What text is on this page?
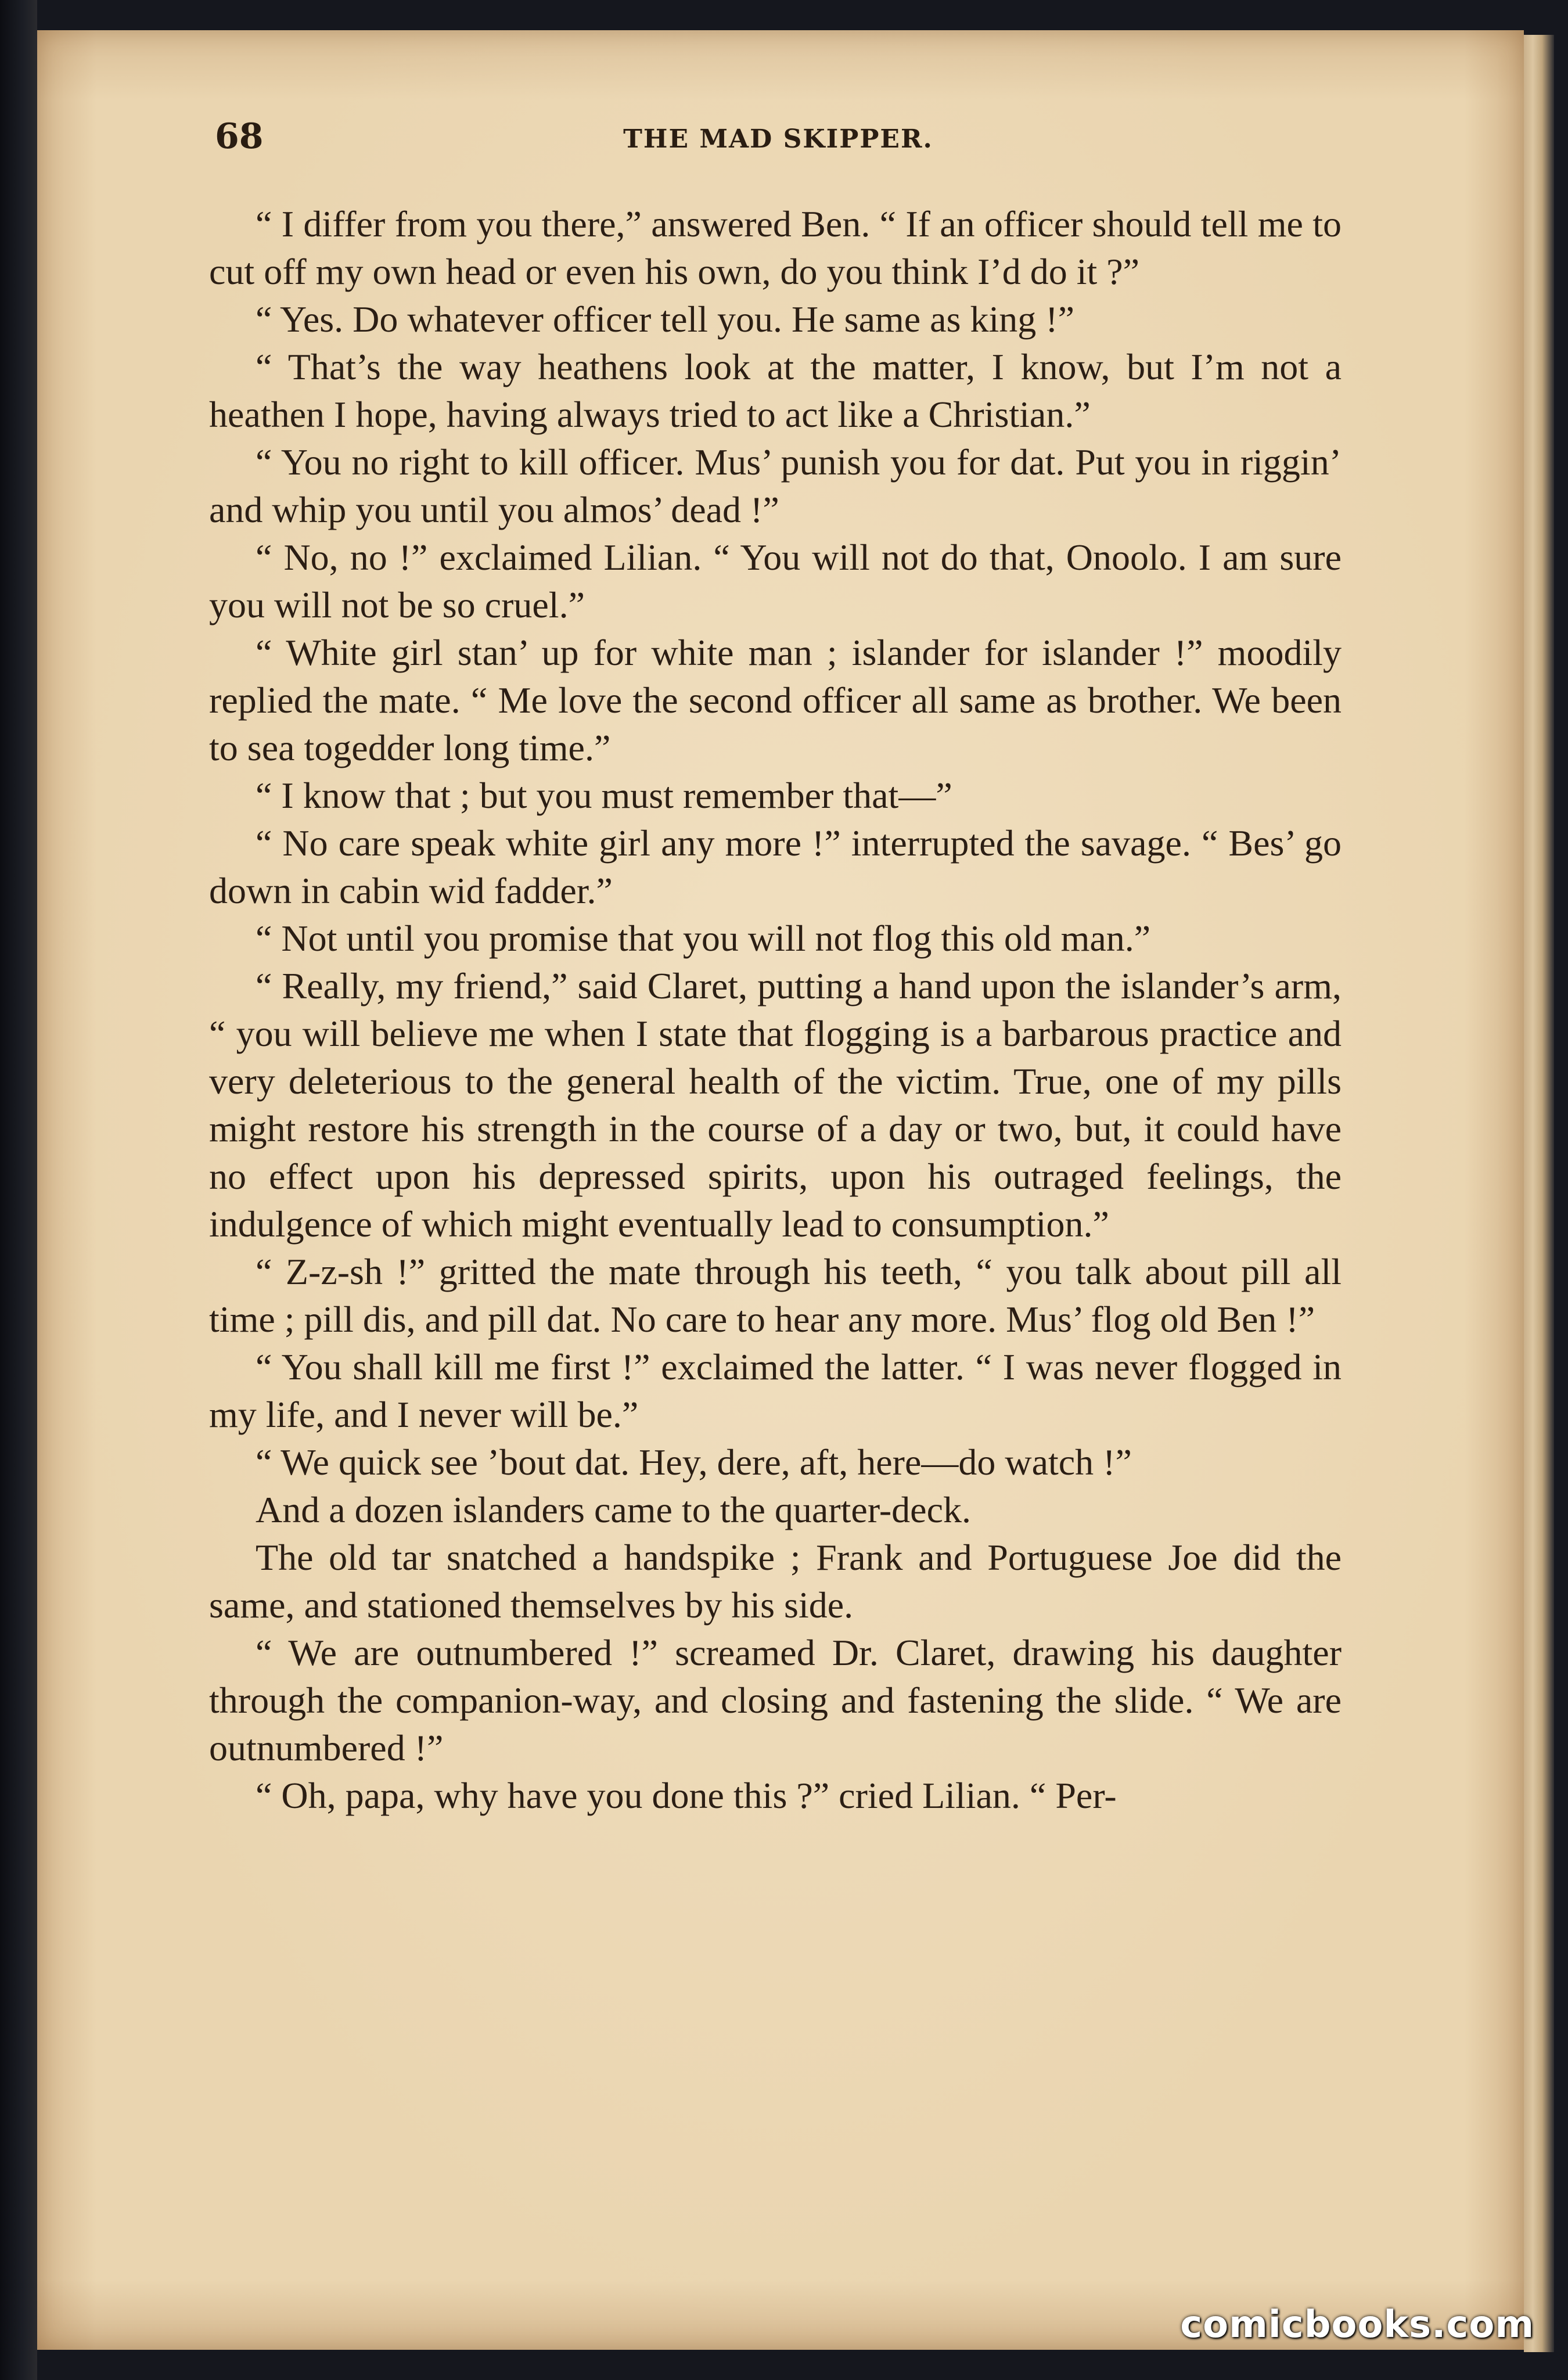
68	THE MAD SKIPPER.

“ I differ from you there,” answered Ben. “ If an officer should tell me to cut off my own head or even his own, do you think I’d do it ?”

“ Yes. Do whatever officer tell you. He same as king !”

“ That’s the way heathens look at the matter, I know, but I’m not a heathen I hope, having always tried to act like a Christian.”

“ You no right to kill officer. Mus’ punish you for dat. Put you in riggin’ and whip you until you almos’ dead !”

“ No, no !” exclaimed Lilian. “ You will not do that, Onoolo. I am sure you will not be so cruel.”

“ White girl stan’ up for white man ; islander for islander !” moodily replied the mate. “ Me love the second officer all same as brother. We been to sea togedder long time.”

“ I know that ; but you must remember that—”

“ No care speak white girl any more !” interrupted the savage. “ Bes’ go down in cabin wid fadder.”

“ Not until you promise that you will not flog this old man.”

“ Really, my friend,” said Claret, putting a hand upon the islander’s arm, “ you will believe me when I state that flogging is a barbarous practice and very deleterious to the general health of the victim. True, one of my pills might restore his strength in the course of a day or two, but, it could have no effect upon his depressed spirits, upon his outraged feelings, the indulgence of which might eventually lead to consumption.”

“ Z-z-sh !” gritted the mate through his teeth, “ you talk about pill all time ; pill dis, and pill dat. No care to hear any more. Mus’ flog old Ben !”

“ You shall kill me first !” exclaimed the latter. “ I was never flogged in my life, and I never will be.”

“ We quick see ’bout dat. Hey, dere, aft, here—do watch !”

And a dozen islanders came to the quarter-deck.

The old tar snatched a handspike ; Frank and Portuguese Joe did the same, and stationed themselves by his side.

“ We are outnumbered !” screamed Dr. Claret, drawing his daughter through the companion-way, and closing and fastening the slide. “ We are outnumbered !”

“ Oh, papa, why have you done this ?” cried Lilian. “ Per-

comicbooks.com
